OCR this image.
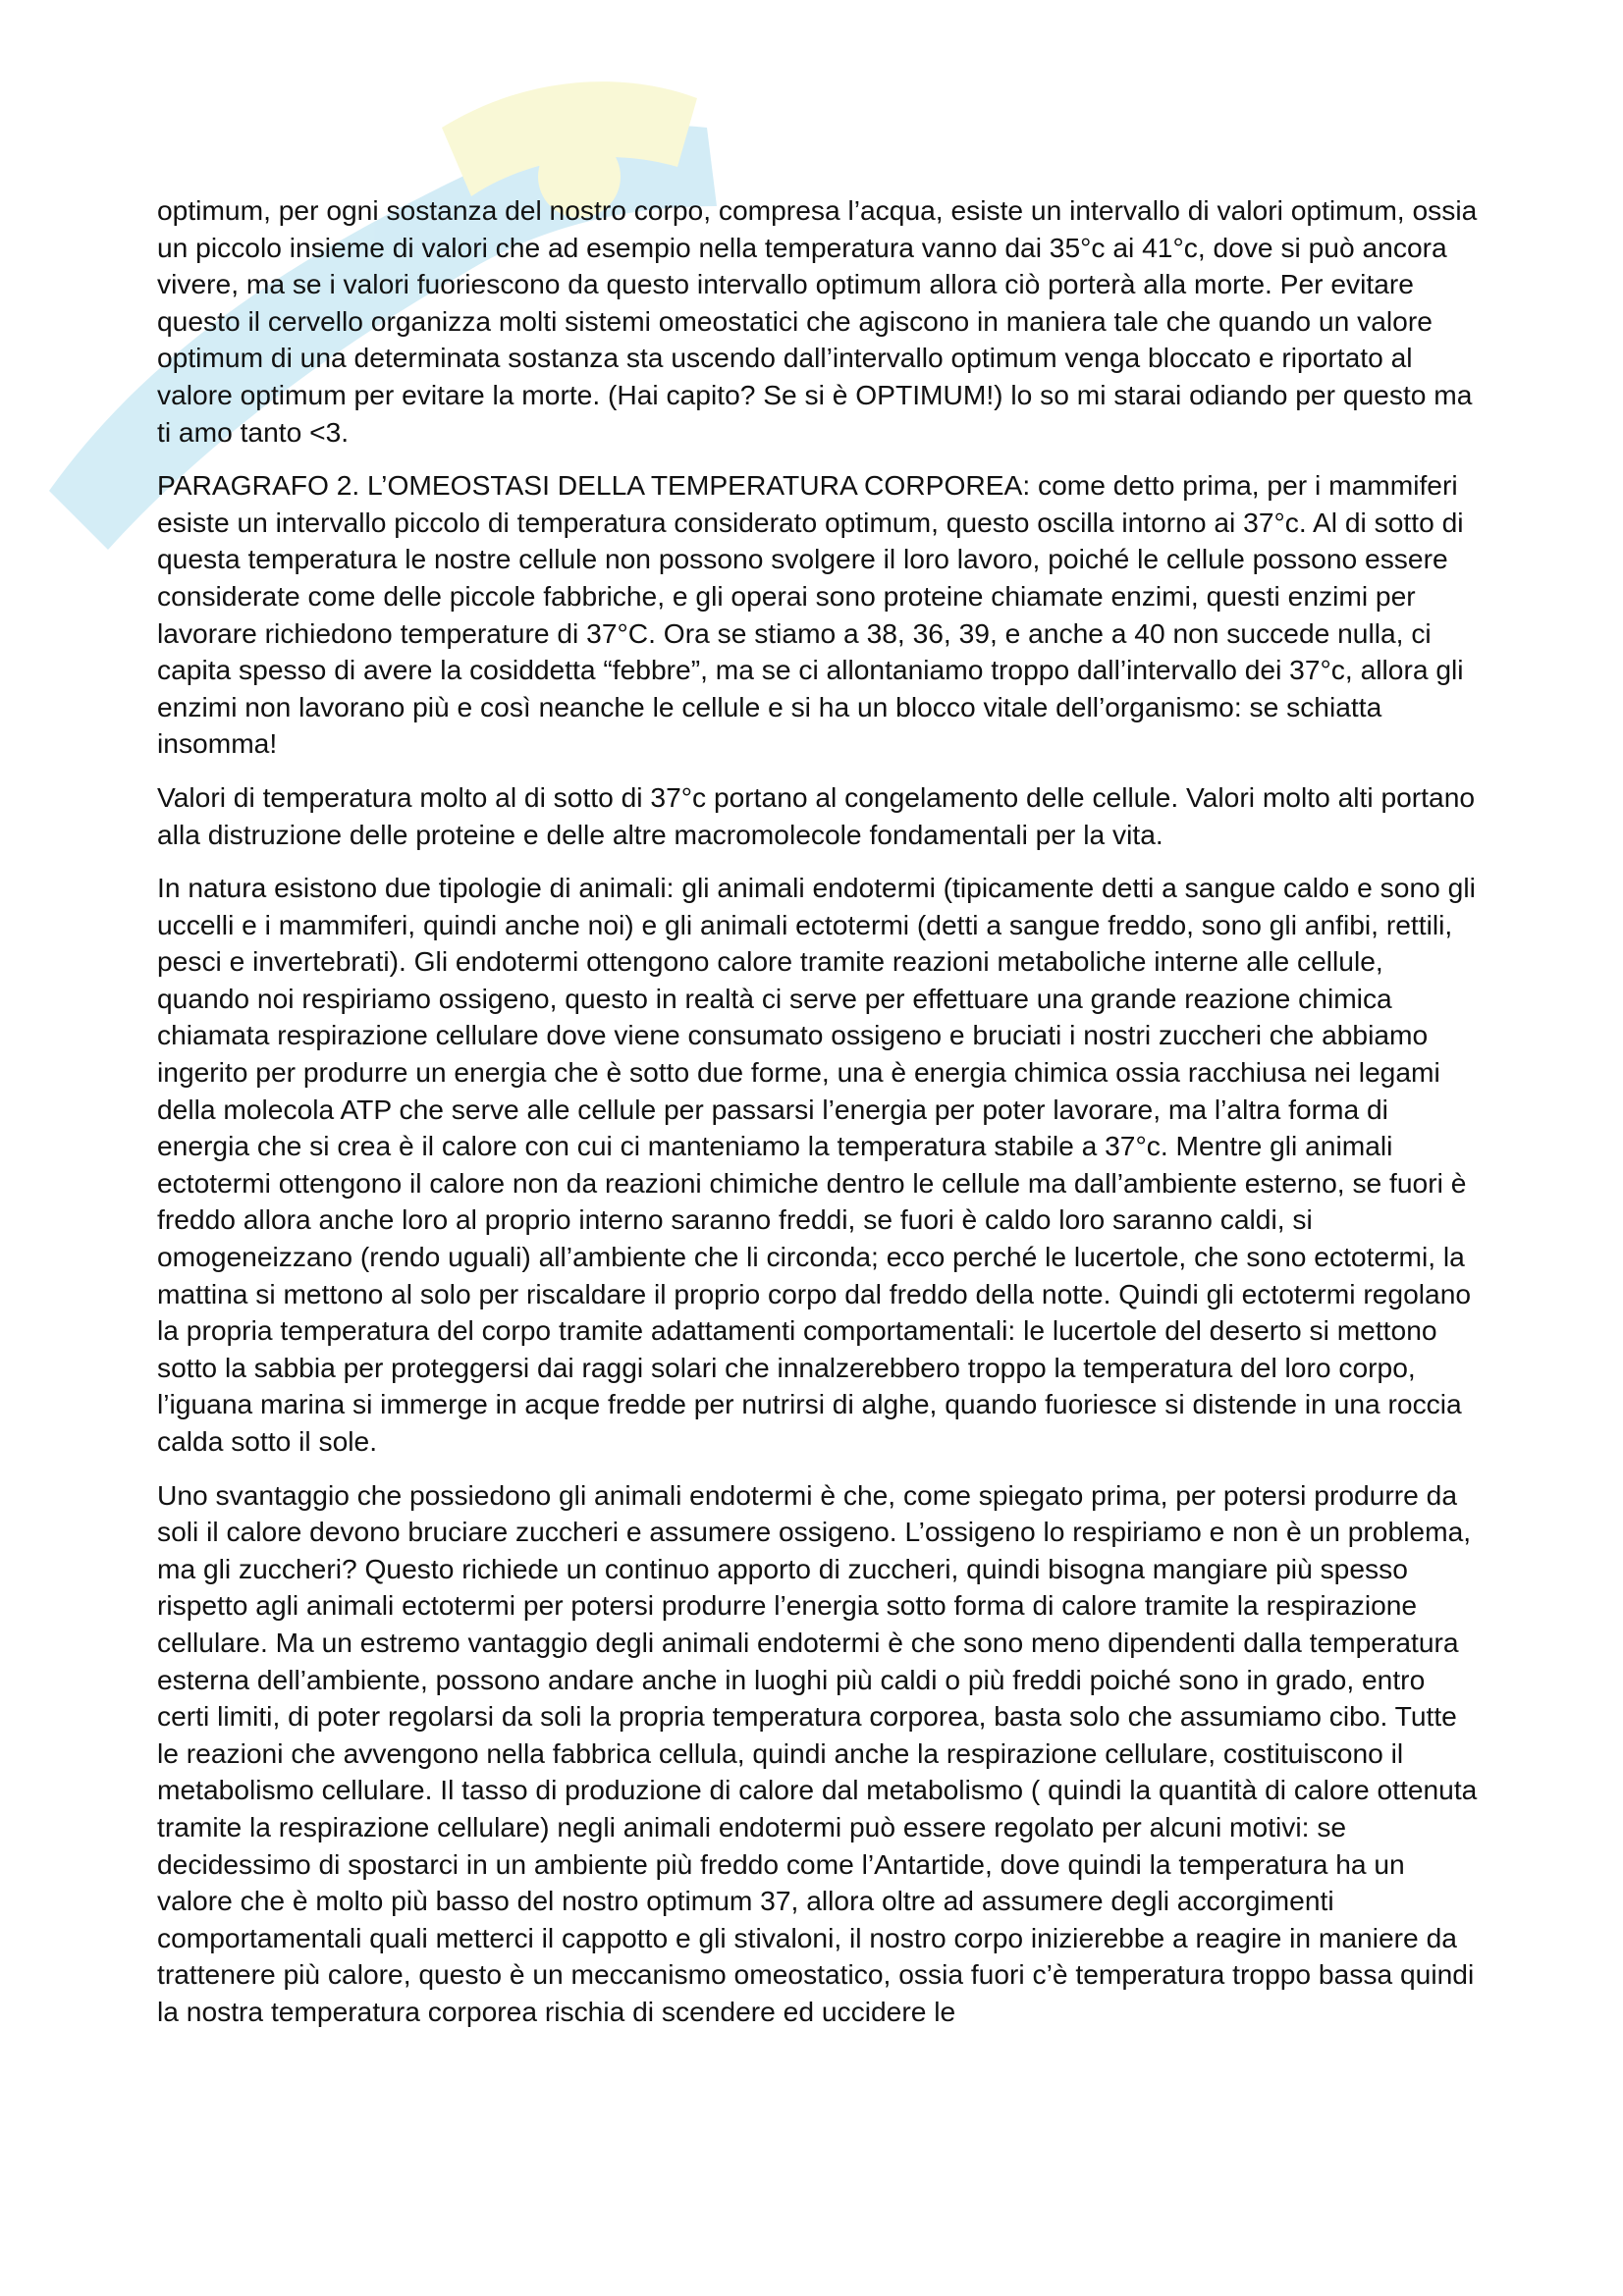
optimum, per ogni sostanza del nostro corpo, compresa l’acqua, esiste un intervallo di valori optimum, ossia un piccolo insieme di valori che ad esempio nella temperatura vanno dai 35°c ai 41°c, dove si può ancora vivere, ma se i valori fuoriescono da questo intervallo optimum allora ciò porterà alla morte. Per evitare questo il cervello organizza molti sistemi omeostatici che agiscono in maniera tale che quando un valore optimum di una determinata sostanza sta uscendo dall’intervallo optimum venga bloccato e riportato al valore optimum per evitare la morte. (Hai capito? Se si è OPTIMUM!) lo so mi starai odiando per questo ma ti amo tanto <3.

PARAGRAFO 2. L’OMEOSTASI DELLA TEMPERATURA CORPOREA: come detto prima, per i mammiferi esiste un intervallo piccolo di temperatura considerato optimum, questo oscilla intorno ai 37°c. Al di sotto di questa temperatura le nostre cellule non possono svolgere il loro lavoro, poiché le cellule possono essere considerate come delle piccole fabbriche, e gli operai sono proteine chiamate enzimi, questi enzimi per lavorare richiedono temperature di 37°C. Ora se stiamo a 38, 36, 39, e anche a 40 non succede nulla, ci capita spesso di avere la cosiddetta “febbre”, ma se ci allontaniamo troppo dall’intervallo dei 37°c, allora gli enzimi non lavorano più e così neanche le cellule e si ha un blocco vitale dell’organismo: se schiatta insomma!

Valori di temperatura molto al di sotto di 37°c portano al congelamento delle cellule. Valori molto alti portano alla distruzione delle proteine e delle altre macromolecole fondamentali per la vita.

In natura esistono due tipologie di animali: gli animali endotermi (tipicamente detti a sangue caldo e sono gli uccelli e i mammiferi, quindi anche noi) e gli animali ectotermi (detti a sangue freddo, sono gli anfibi, rettili, pesci e invertebrati). Gli endotermi ottengono calore tramite reazioni metaboliche interne alle cellule, quando noi respiriamo ossigeno, questo in realtà ci serve per effettuare una grande reazione chimica chiamata respirazione cellulare dove viene consumato ossigeno e bruciati i nostri zuccheri che abbiamo ingerito per produrre un energia che è sotto due forme, una è energia chimica ossia racchiusa nei legami della molecola ATP che serve alle cellule per passarsi l’energia per poter lavorare, ma l’altra forma di energia che si crea è il calore con cui ci manteniamo la temperatura stabile a 37°c. Mentre gli animali ectotermi ottengono il calore non da reazioni chimiche dentro le cellule ma dall’ambiente esterno, se fuori è freddo allora anche loro al proprio interno saranno freddi, se fuori è caldo loro saranno caldi, si omogeneizzano (rendo uguali) all’ambiente che li circonda; ecco perché le lucertole, che sono ectotermi, la mattina si mettono al solo per riscaldare il proprio corpo dal freddo della notte. Quindi gli ectotermi regolano la propria temperatura del corpo tramite adattamenti comportamentali: le lucertole del deserto si mettono sotto la sabbia per proteggersi dai raggi solari che innalzerebbero troppo la temperatura del loro corpo, l’iguana marina si immerge in acque fredde per nutrirsi di alghe, quando fuoriesce si distende in una roccia calda sotto il sole.

Uno svantaggio che possiedono gli animali endotermi è che, come spiegato prima, per potersi produrre da soli il calore devono bruciare zuccheri e assumere ossigeno. L’ossigeno lo respiriamo e non è un problema, ma gli zuccheri? Questo richiede un continuo apporto di zuccheri, quindi bisogna mangiare più spesso rispetto agli animali ectotermi per potersi produrre l’energia sotto forma di calore tramite la respirazione cellulare. Ma un estremo vantaggio degli animali endotermi è che sono meno dipendenti dalla temperatura esterna dell’ambiente, possono andare anche in luoghi più caldi o più freddi poiché sono in grado, entro certi limiti, di poter regolarsi da soli la propria temperatura corporea, basta solo che assumiamo cibo. Tutte le reazioni che avvengono nella fabbrica cellula, quindi anche la respirazione cellulare, costituiscono il metabolismo cellulare. Il tasso di produzione di calore dal metabolismo ( quindi la quantità di calore ottenuta tramite la respirazione cellulare) negli animali endotermi può essere regolato per alcuni motivi: se decidessimo di spostarci in un ambiente più freddo come l’Antartide, dove quindi la temperatura ha un valore che è molto più basso del nostro optimum 37, allora oltre ad assumere degli accorgimenti comportamentali quali metterci il cappotto e gli stivaloni, il nostro corpo inizierebbe a reagire in maniere da trattenere più calore, questo è un meccanismo omeostatico, ossia fuori c’è temperatura troppo bassa quindi la nostra temperatura corporea rischia di scendere ed uccidere le
